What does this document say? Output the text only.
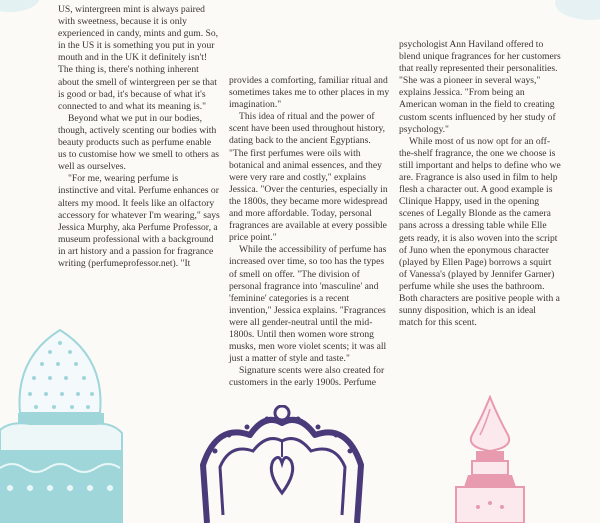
US, wintergreen mint is always paired with sweetness, because it is only experienced in candy, mints and gum. So, in the US it is something you put in your mouth and in the UK it definitely isn't! The thing is, there's nothing inherent about the smell of wintergreen per se that is good or bad, it's because of what it's connected to and what its meaning is."

Beyond what we put in our bodies, though, actively scenting our bodies with beauty products such as perfume enable us to customise how we smell to others as well as ourselves.

"For me, wearing perfume is instinctive and vital. Perfume enhances or alters my mood. It feels like an olfactory accessory for whatever I'm wearing," says Jessica Murphy, aka Perfume Professor, a museum professional with a background in art history and a passion for fragrance writing (perfumeprofessor.net). "It

provides a comforting, familiar ritual and sometimes takes me to other places in my imagination."

This idea of ritual and the power of scent have been used throughout history, dating back to the ancient Egyptians. "The first perfumes were oils with botanical and animal essences, and they were very rare and costly," explains Jessica. "Over the centuries, especially in the 1800s, they became more widespread and more affordable. Today, personal fragrances are available at every possible price point."

While the accessibility of perfume has increased over time, so too has the types of smell on offer. "The division of personal fragrance into 'masculine' and 'feminine' categories is a recent invention," Jessica explains. "Fragrances were all gender-neutral until the mid-1800s. Until then women wore strong musks, men wore violet scents; it was all just a matter of style and taste."

Signature scents were also created for customers in the early 1900s. Perfume

psychologist Ann Haviland offered to blend unique fragrances for her customers that really represented their personalities. "She was a pioneer in several ways," explains Jessica. "From being an American woman in the field to creating custom scents influenced by her study of psychology."

While most of us now opt for an off-the-shelf fragrance, the one we choose is still important and helps to define who we are. Fragrance is also used in film to help flesh a character out. A good example is Clinique Happy, used in the opening scenes of Legally Blonde as the camera pans across a dressing table while Elle gets ready, it is also woven into the script of Juno when the eponymous character (played by Ellen Page) borrows a squirt of Vanessa's (played by Jennifer Garner) perfume while she uses the bathroom. Both characters are positive people with a sunny disposition, which is an ideal match for this scent.
